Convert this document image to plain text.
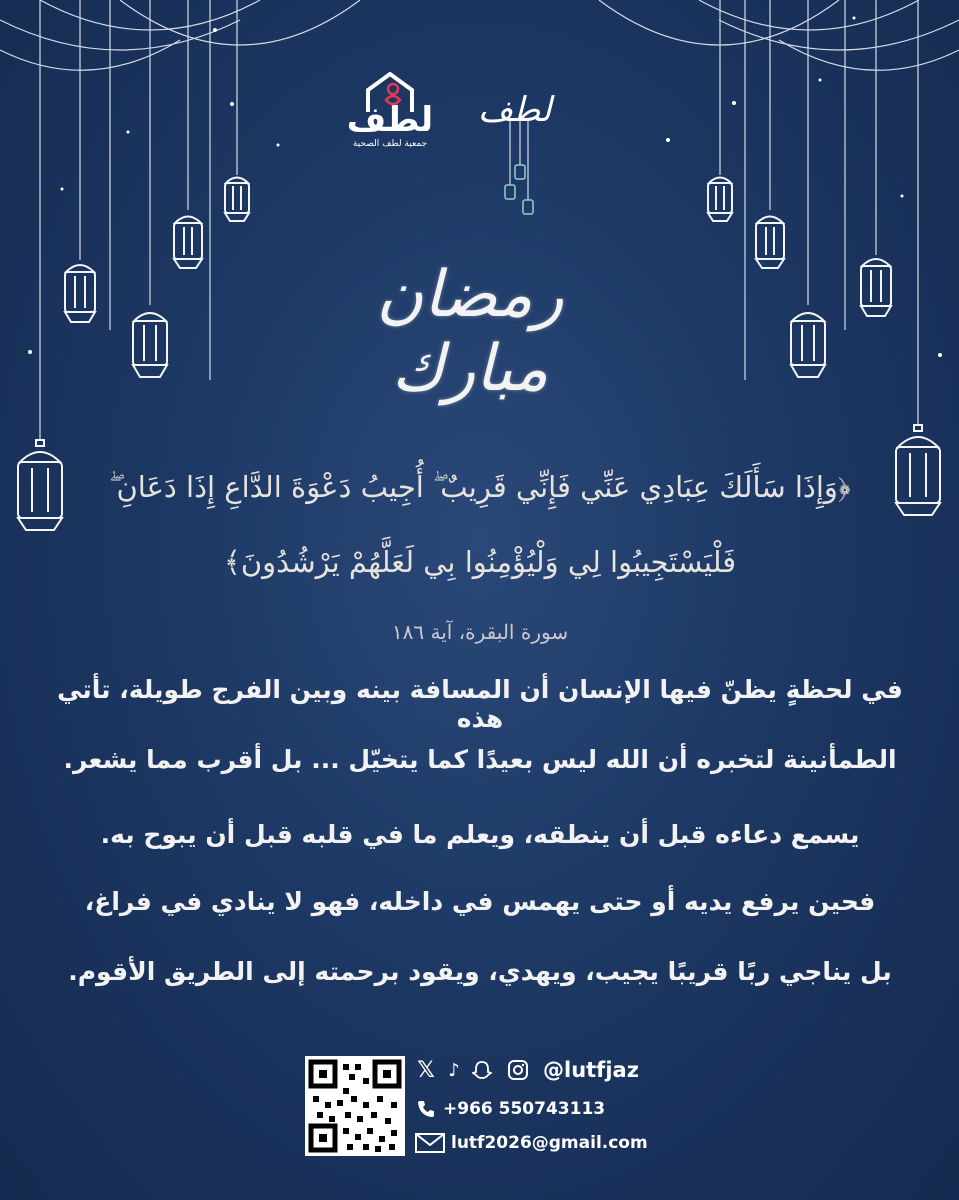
لطف
جمعية لطف الصحية
لطف
رمضان مبارك
﴿وَإِذَا سَأَلَكَ عِبَادِي عَنِّي فَإِنِّي قَرِيبٌ ۖ أُجِيبُ دَعْوَةَ الدَّاعِ إِذَا دَعَانِ ۖ
فَلْيَسْتَجِيبُوا لِي وَلْيُؤْمِنُوا بِي لَعَلَّهُمْ يَرْشُدُونَ﴾
سورة البقرة، آية ١٨٦
في لحظةٍ يظنّ فيها الإنسان أن المسافة بينه وبين الفرج طويلة، تأتي هذه
الطمأنينة لتخبره أن الله ليس بعيدًا كما يتخيّل ... بل أقرب مما يشعر.
يسمع دعاءه قبل أن ينطقه، ويعلم ما في قلبه قبل أن يبوح به.
فحين يرفع يديه أو حتى يهمس في داخله، فهو لا ينادي في فراغ،
بل يناجي ربًا قريبًا يجيب، ويهدي، ويقود برحمته إلى الطريق الأقوم.
𝕏 ♪	@lutfjaz
+966 550743113
lutf2026@gmail.com
